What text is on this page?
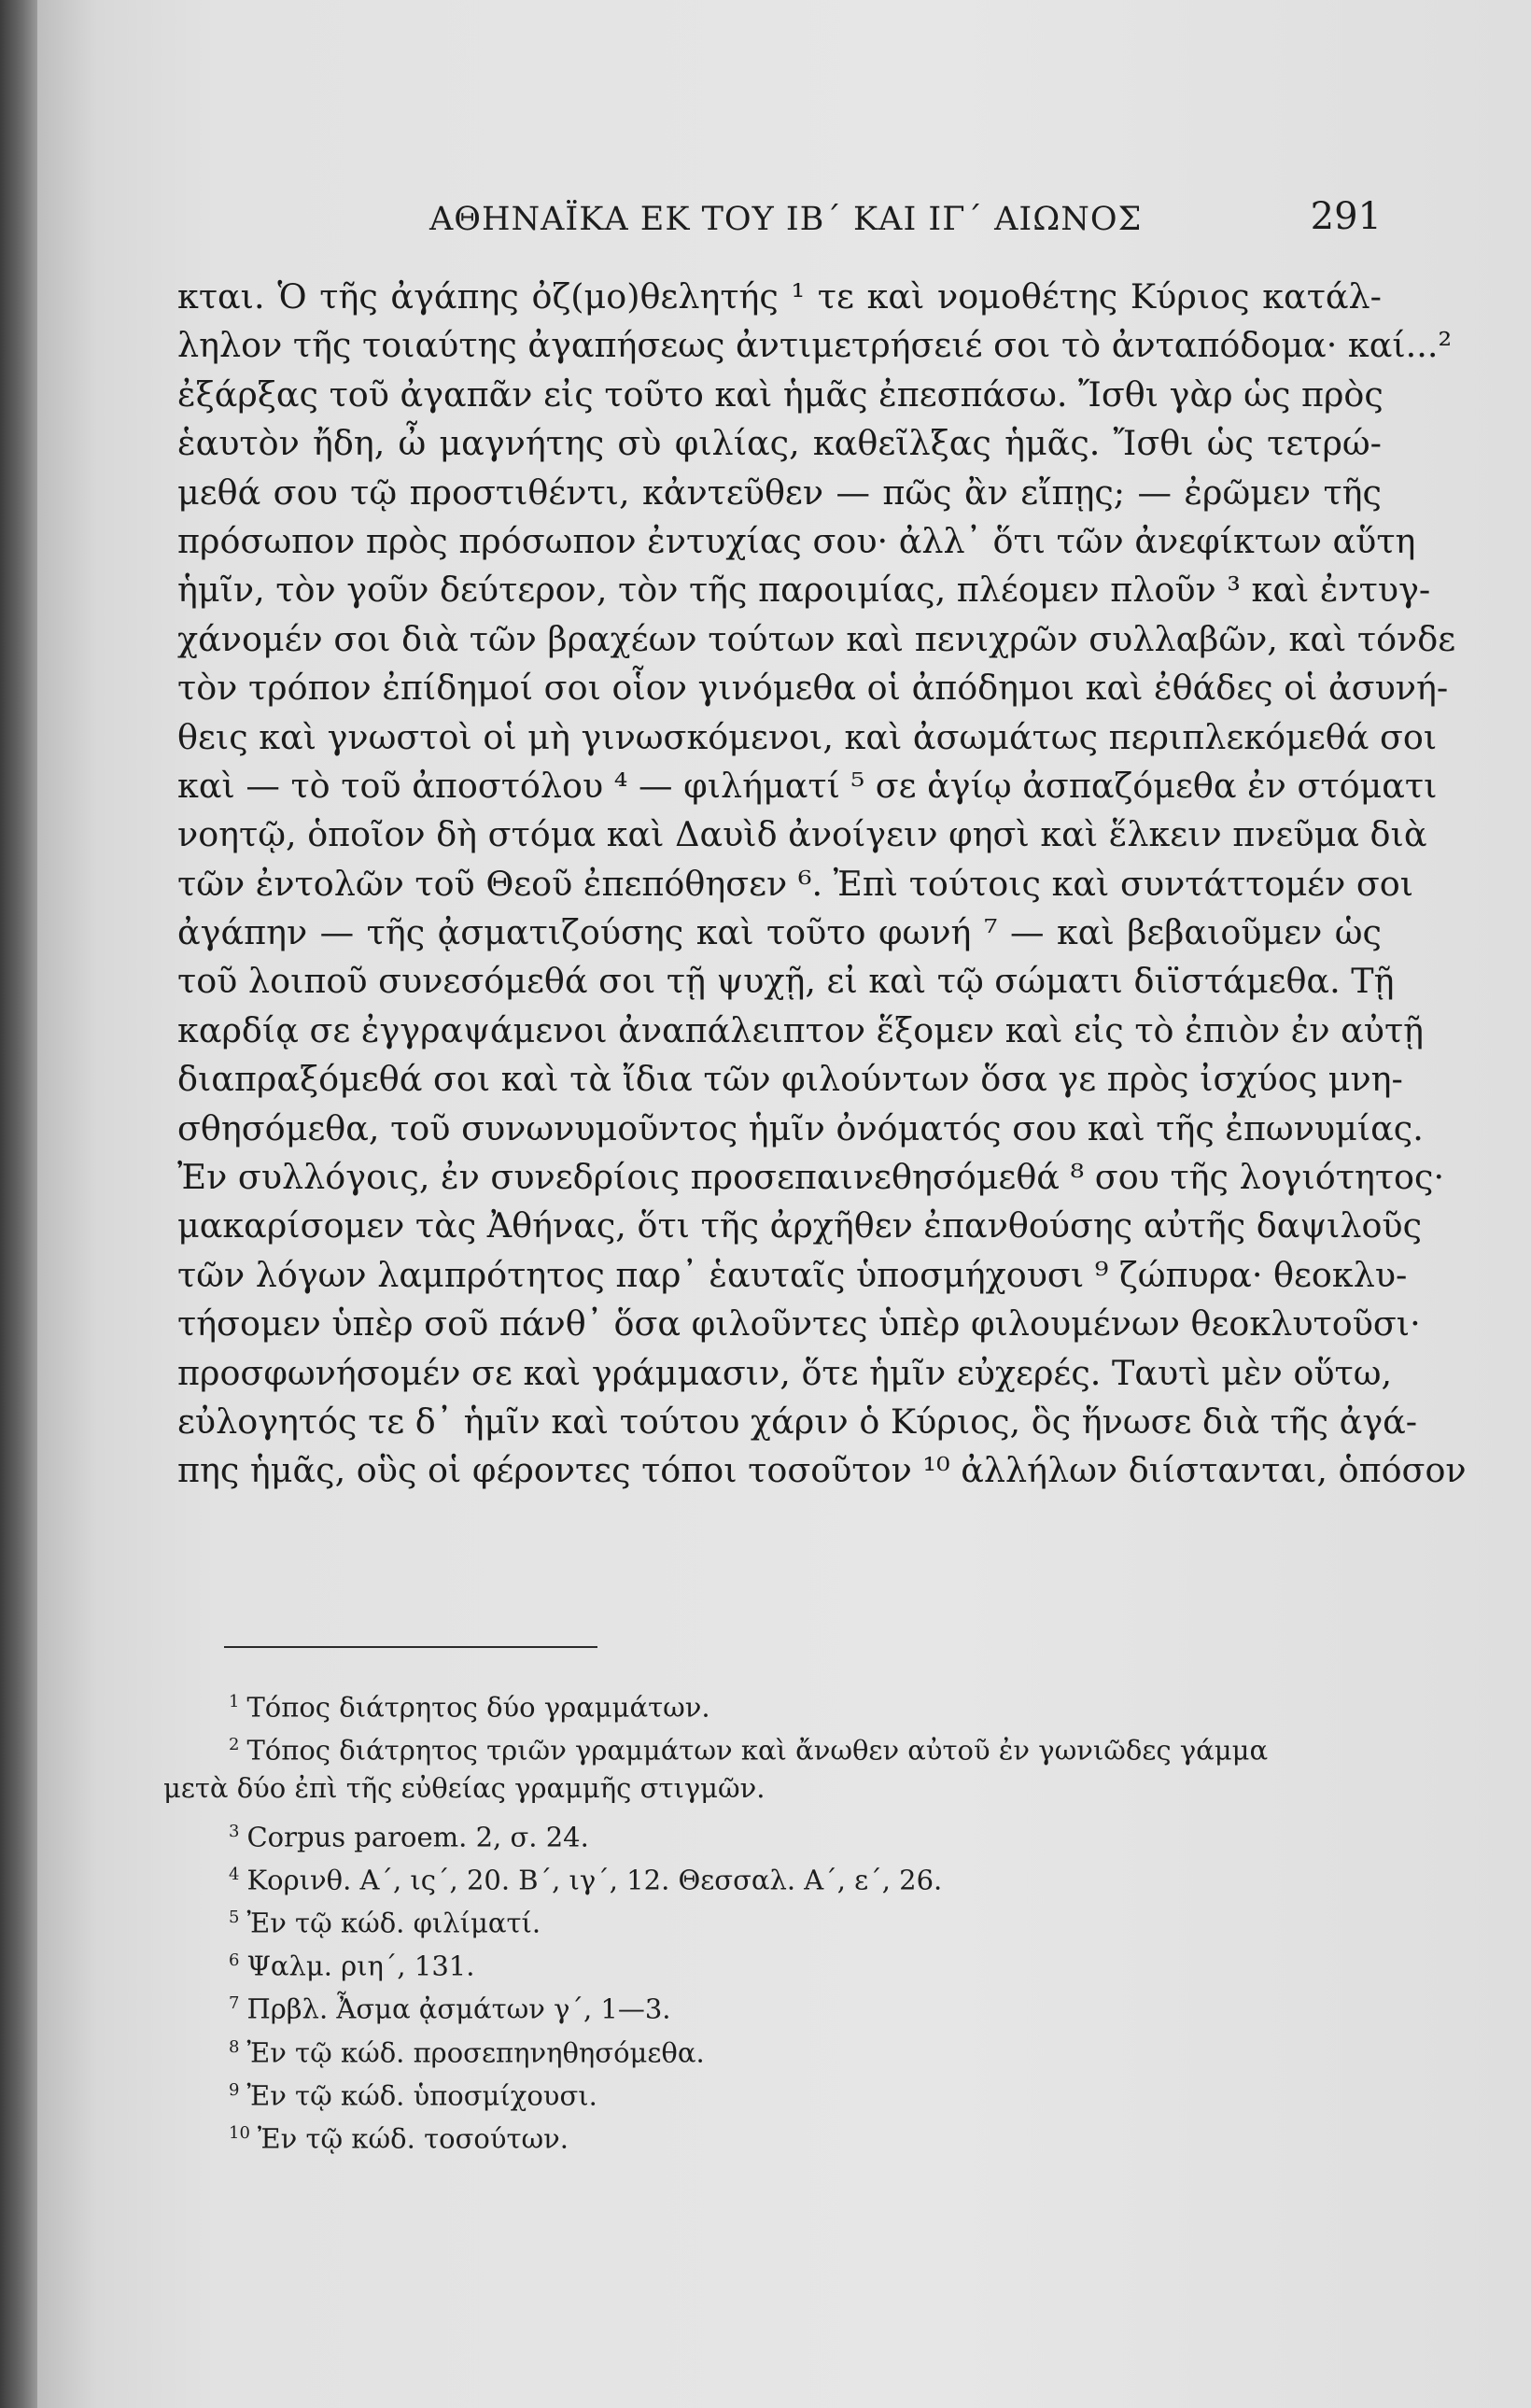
ΑΘΗΝΑΪΚΑ ΕΚ ΤΟΥ ΙΒ΄ ΚΑΙ ΙΓ΄ ΑΙΩΝΟΣ	291
κται. Ὁ τῆς ἀγάπης ὀζ(μο)θελητής ¹ τε καὶ νομοθέτης Κύριος κατάλ-
ληλον τῆς τοιαύτης ἀγαπήσεως ἀντιμετρήσειέ σοι τὸ ἀνταπόδομα· καί...²
ἐξάρξας τοῦ ἀγαπᾶν εἰς τοῦτο καὶ ἡμᾶς ἐπεσπάσω. Ἴσθι γὰρ ὡς πρὸς
ἑαυτὸν ἤδη, ὦ μαγνήτης σὺ φιλίας, καθεῖλξας ἡμᾶς. Ἴσθι ὡς τετρώ-
μεθά σου τῷ προστιθέντι, κἀντεῦθεν — πῶς ἂν εἴπῃς; — ἐρῶμεν τῆς
πρόσωπον πρὸς πρόσωπον ἐντυχίας σου· ἀλλ᾿ ὅτι τῶν ἀνεφίκτων αὕτη
ἡμῖν, τὸν γοῦν δεύτερον, τὸν τῆς παροιμίας, πλέομεν πλοῦν ³ καὶ ἐντυγ-
χάνομέν σοι διὰ τῶν βραχέων τούτων καὶ πενιχρῶν συλλαβῶν, καὶ τόνδε
τὸν τρόπον ἐπίδημοί σοι οἷον γινόμεθα οἱ ἀπόδημοι καὶ ἐθάδες οἱ ἀσυνή-
θεις καὶ γνωστοὶ οἱ μὴ γινωσκόμενοι, καὶ ἀσωμάτως περιπλεκόμεθά σοι
καὶ — τὸ τοῦ ἀποστόλου ⁴ — φιλήματί ⁵ σε ἁγίῳ ἀσπαζόμεθα ἐν στόματι
νοητῷ, ὁποῖον δὴ στόμα καὶ Δαυὶδ ἀνοίγειν φησὶ καὶ ἕλκειν πνεῦμα διὰ
τῶν ἐντολῶν τοῦ Θεοῦ ἐπεπόθησεν ⁶. Ἐπὶ τούτοις καὶ συντάττομέν σοι
ἀγάπην — τῆς ᾀσματιζούσης καὶ τοῦτο φωνή ⁷ — καὶ βεβαιοῦμεν ὡς
τοῦ λοιποῦ συνεσόμεθά σοι τῇ ψυχῇ, εἰ καὶ τῷ σώματι διϊστάμεθα. Τῇ
καρδίᾳ σε ἐγγραψάμενοι ἀναπάλειπτον ἕξομεν καὶ εἰς τὸ ἐπιὸν ἐν αὐτῇ
διαπραξόμεθά σοι καὶ τὰ ἴδια τῶν φιλούντων ὅσα γε πρὸς ἰσχύος μνη-
σθησόμεθα, τοῦ συνωνυμοῦντος ἡμῖν ὀνόματός σου καὶ τῆς ἐπωνυμίας.
Ἐν συλλόγοις, ἐν συνεδρίοις προσεπαινεθησόμεθά ⁸ σου τῆς λογιότητος·
μακαρίσομεν τὰς Ἀθήνας, ὅτι τῆς ἀρχῆθεν ἐπανθούσης αὐτῆς δαψιλοῦς
τῶν λόγων λαμπρότητος παρ᾿ ἑαυταῖς ὑποσμήχουσι ⁹ ζώπυρα· θεοκλυ-
τήσομεν ὑπὲρ σοῦ πάνθ᾿ ὅσα φιλοῦντες ὑπὲρ φιλουμένων θεοκλυτοῦσι·
προσφωνήσομέν σε καὶ γράμμασιν, ὅτε ἡμῖν εὐχερές. Ταυτὶ μὲν οὕτω,
εὐλογητός τε δ᾿ ἡμῖν καὶ τούτου χάριν ὁ Κύριος, ὃς ἥνωσε διὰ τῆς ἀγά-
πης ἡμᾶς, οὓς οἱ φέροντες τόποι τοσοῦτον ¹⁰ ἀλλήλων διίστανται, ὁπόσον
$^1$ Τόπος διάτρητος δύο γραμμάτων.
$^2$ Τόπος διάτρητος τριῶν γραμμάτων καὶ ἄνωθεν αὐτοῦ ἐν γωνιῶδες γάμμα
μετὰ δύο ἐπὶ τῆς εὐθείας γραμμῆς στιγμῶν.
$^3$ Corpus paroem. 2, σ. 24.
$^4$ Κορινθ. Α΄, ις΄, 20. Β΄, ιγ΄, 12. Θεσσαλ. Α΄, ε΄, 26.
$^5$ Ἐν τῷ κώδ. φιλίματί.
$^6$ Ψαλμ. ριη΄, 131.
$^7$ Πρβλ. Ἆσμα ᾀσμάτων γ΄, 1—3.
$^8$ Ἐν τῷ κώδ. προσεπηνηθησόμεθα.
$^9$ Ἐν τῷ κώδ. ὑποσμίχουσι.
$^{10}$ Ἐν τῷ κώδ. τοσούτων.
